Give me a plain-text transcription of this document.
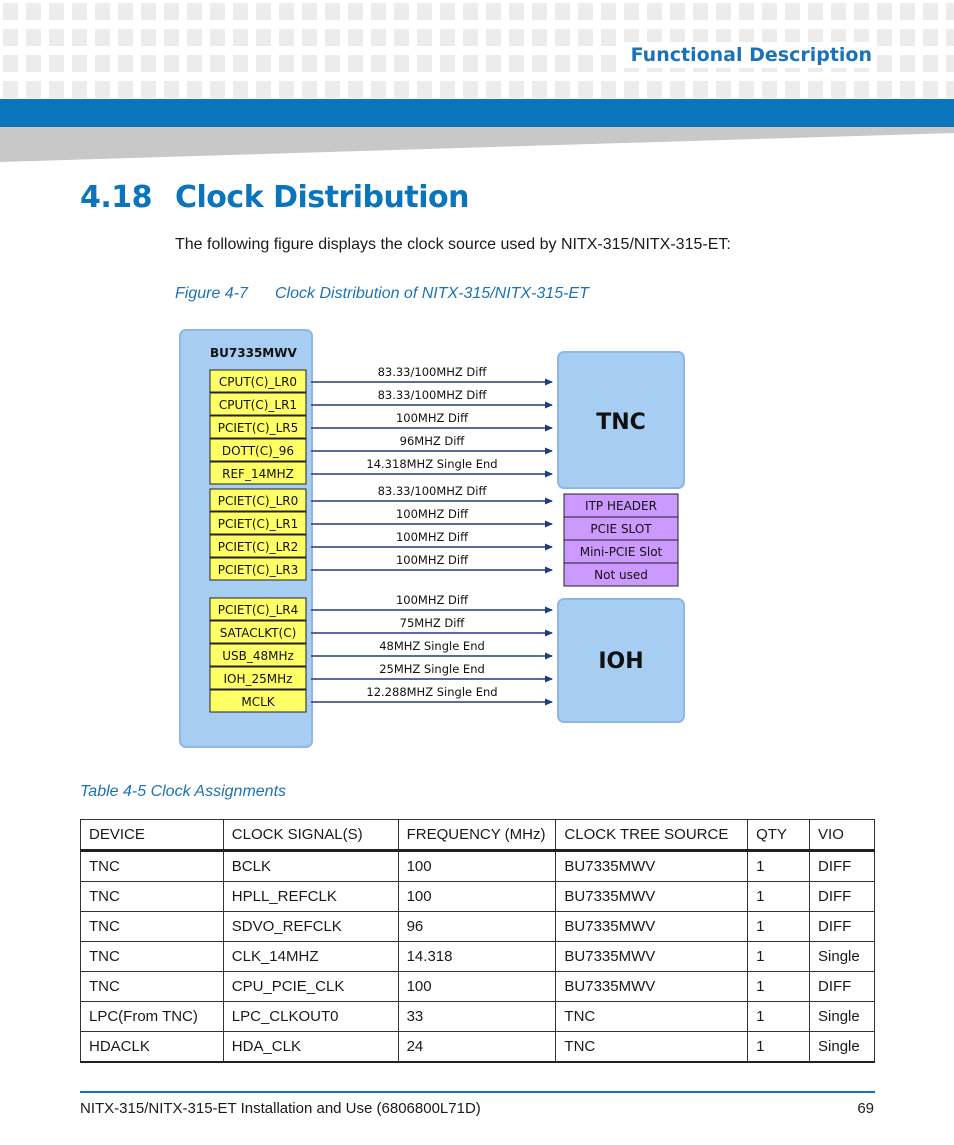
Functional Description
4.18 Clock Distribution
The following figure displays the clock source used by NITX-315/NITX-315-ET:
Figure 4-7 Clock Distribution of NITX-315/NITX-315-ET
BU7335MWV
TNC
IOH
CPUT(C)_LR0
83.33/100MHZ Diff
CPUT(C)_LR1
83.33/100MHZ Diff
PCIET(C)_LR5
100MHZ Diff
DOTT(C)_96
96MHZ Diff
REF_14MHZ
14.318MHZ Single End
PCIET(C)_LR0
83.33/100MHZ Diff
PCIET(C)_LR1
100MHZ Diff
PCIET(C)_LR2
100MHZ Diff
PCIET(C)_LR3
100MHZ Diff
PCIET(C)_LR4
100MHZ Diff
SATACLKT(C)
75MHZ Diff
USB_48MHz
48MHZ Single End
IOH_25MHz
25MHZ Single End
MCLK
12.288MHZ Single End
ITP HEADER
PCIE SLOT
Mini-PCIE Slot
Not used
Table 4-5 Clock Assignments
DEVICE	CLOCK SIGNAL(S)	FREQUENCY (MHz)	CLOCK TREE SOURCE	QTY	VIO
TNC	BCLK	100	BU7335MWV	1	DIFF
TNC	HPLL_REFCLK	100	BU7335MWV	1	DIFF
TNC	SDVO_REFCLK	96	BU7335MWV	1	DIFF
TNC	CLK_14MHZ	14.318	BU7335MWV	1	Single
TNC	CPU_PCIE_CLK	100	BU7335MWV	1	DIFF
LPC(From TNC)	LPC_CLKOUT0	33	TNC	1	Single
HDACLK	HDA_CLK	24	TNC	1	Single
NITX-315/NITX-315-ET Installation and Use (6806800L71D)	69
